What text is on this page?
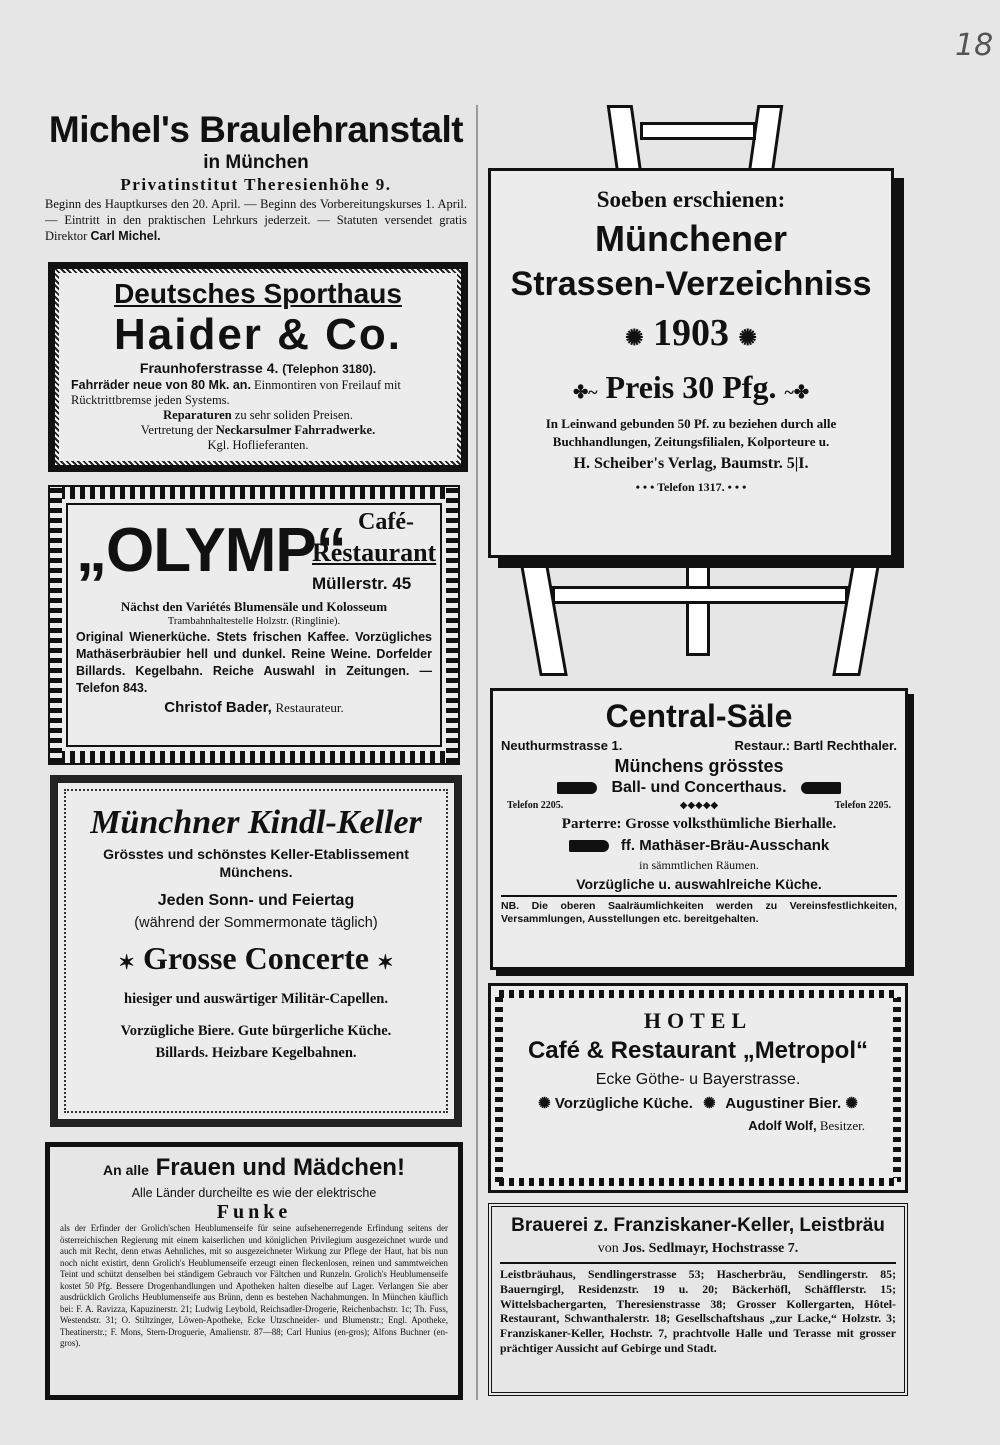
18

Michel's Braulehranstalt

in München

Privatinstitut Theresienhöhe 9.

Beginn des Hauptkurses den 20. April. — Beginn des Vorbereitungskurses 1. April. — Eintritt in den praktischen Lehrkurs jederzeit. — Statuten versendet gratis Direktor Carl Michel.

Deutsches Sporthaus

Haider & Co.

Fraunhoferstrasse 4. (Telephon 3180).

Fahrräder neue von 80 Mk. an. Einmontiren von Freilauf mit Rücktrittbremse jeden Systems.

Reparaturen zu sehr soliden Preisen.

Vertretung der Neckarsulmer Fahrradwerke.

Kgl. Hoflieferanten.

„OLYMP“ Café-

Restaurant

Müllerstr. 45

Nächst den Variétés Blumensäle und Kolosseum

Trambahnhaltestelle Holzstr. (Ringlinie).

Original Wienerküche. Stets frischen Kaffee. Vorzügliches Mathäserbräubier hell und dunkel. Reine Weine. Dorfelder Billards. Kegelbahn. Reiche Auswahl in Zeitungen. — Telefon 843.

Christof Bader, Restaurateur.

Münchner Kindl-Keller

Grösstes und schönstes Keller-Etablissement

Münchens.

Jeden Sonn- und Feiertag

(während der Sommermonate täglich)

✶ Grosse Concerte ✶

hiesiger und auswärtiger Militär-Capellen.

Vorzügliche Biere. Gute bürgerliche Küche.

Billards. Heizbare Kegelbahnen.

An alle Frauen und Mädchen!

Alle Länder durcheilte es wie der elektrische

Funke

als der Erfinder der Grolich'schen Heublumenseife für seine aufsehenerregende Erfindung seitens der österreichischen Regierung mit einem kaiserlichen und königlichen Privilegium ausgezeichnet wurde und auch mit Recht, denn etwas Aehnliches, mit so ausgezeichneter Wirkung zur Pflege der Haut, hat bis nun noch nicht existirt, denn Grolich's Heublumenseife erzeugt einen fleckenlosen, reinen und sammtweichen Teint und schützt denselben bei ständigem Gebrauch vor Fältchen und Runzeln. Grolich's Heublumenseife kostet 50 Pfg. Bessere Drogenhandlungen und Apotheken halten dieselbe auf Lager. Verlangen Sie aber ausdrücklich Grolichs Heublumenseife aus Brünn, denn es bestehen Nachahmungen. In München käuflich bei: F. A. Ravizza, Kapuzinerstr. 21; Ludwig Leybold, Reichsadler-Drogerie, Reichenbachstr. 1c; Th. Fuss, Westendstr. 31; O. Stiltzinger, Löwen-Apotheke, Ecke Utzschneider- und Blumenstr.; Engl. Apotheke, Theatinerstr.; F. Mons, Stern-Droguerie, Amalienstr. 87—88; Carl Hunius (en-gros); Alfons Buchner (en-gros).

Soeben erschienen:

Münchener

Strassen-Verzeichniss

✺ 1903 ✺

✤~ Preis 30 Pfg. ~✤

In Leinwand gebunden 50 Pf. zu beziehen durch alle Buchhandlungen, Zeitungsfilialen, Kolporteure u.

H. Scheiber's Verlag, Baumstr. 5|I.

• • • Telefon 1317. • • •

Central-Säle

Neuthurmstrasse 1.	Restaur.: Bartl Rechthaler.

Münchens grösstes

Ball- und Concerthaus.

Telefon 2205.	◆◆◆◆◆	Telefon 2205.

Parterre: Grosse volksthümliche Bierhalle.

ff. Mathäser-Bräu-Ausschank

in sämmtlichen Räumen.

Vorzügliche u. auswahlreiche Küche.

NB. Die oberen Saalräumlichkeiten werden zu Vereinsfestlichkeiten, Versammlungen, Ausstellungen etc. bereitgehalten.

HOTEL

Café & Restaurant „Metropol“

Ecke Göthe- u Bayerstrasse.

✺ Vorzügliche Küche. ✺ Augustiner Bier. ✺

Adolf Wolf, Besitzer.

Brauerei z. Franziskaner-Keller, Leistbräu

von Jos. Sedlmayr, Hochstrasse 7.

Leistbräuhaus, Sendlingerstrasse 53; Hascherbräu, Sendlingerstr. 85; Bauerngirgl, Residenzstr. 19 u. 20; Bäckerhöfl, Schäfflerstr. 15; Wittelsbachergarten, Theresienstrasse 38; Grosser Kollergarten, Hôtel-Restaurant, Schwanthalerstr. 18; Gesellschaftshaus „zur Lacke,“ Holzstr. 3; Franziskaner-Keller, Hochstr. 7, prachtvolle Halle und Terasse mit grosser prächtiger Aussicht auf Gebirge und Stadt.
